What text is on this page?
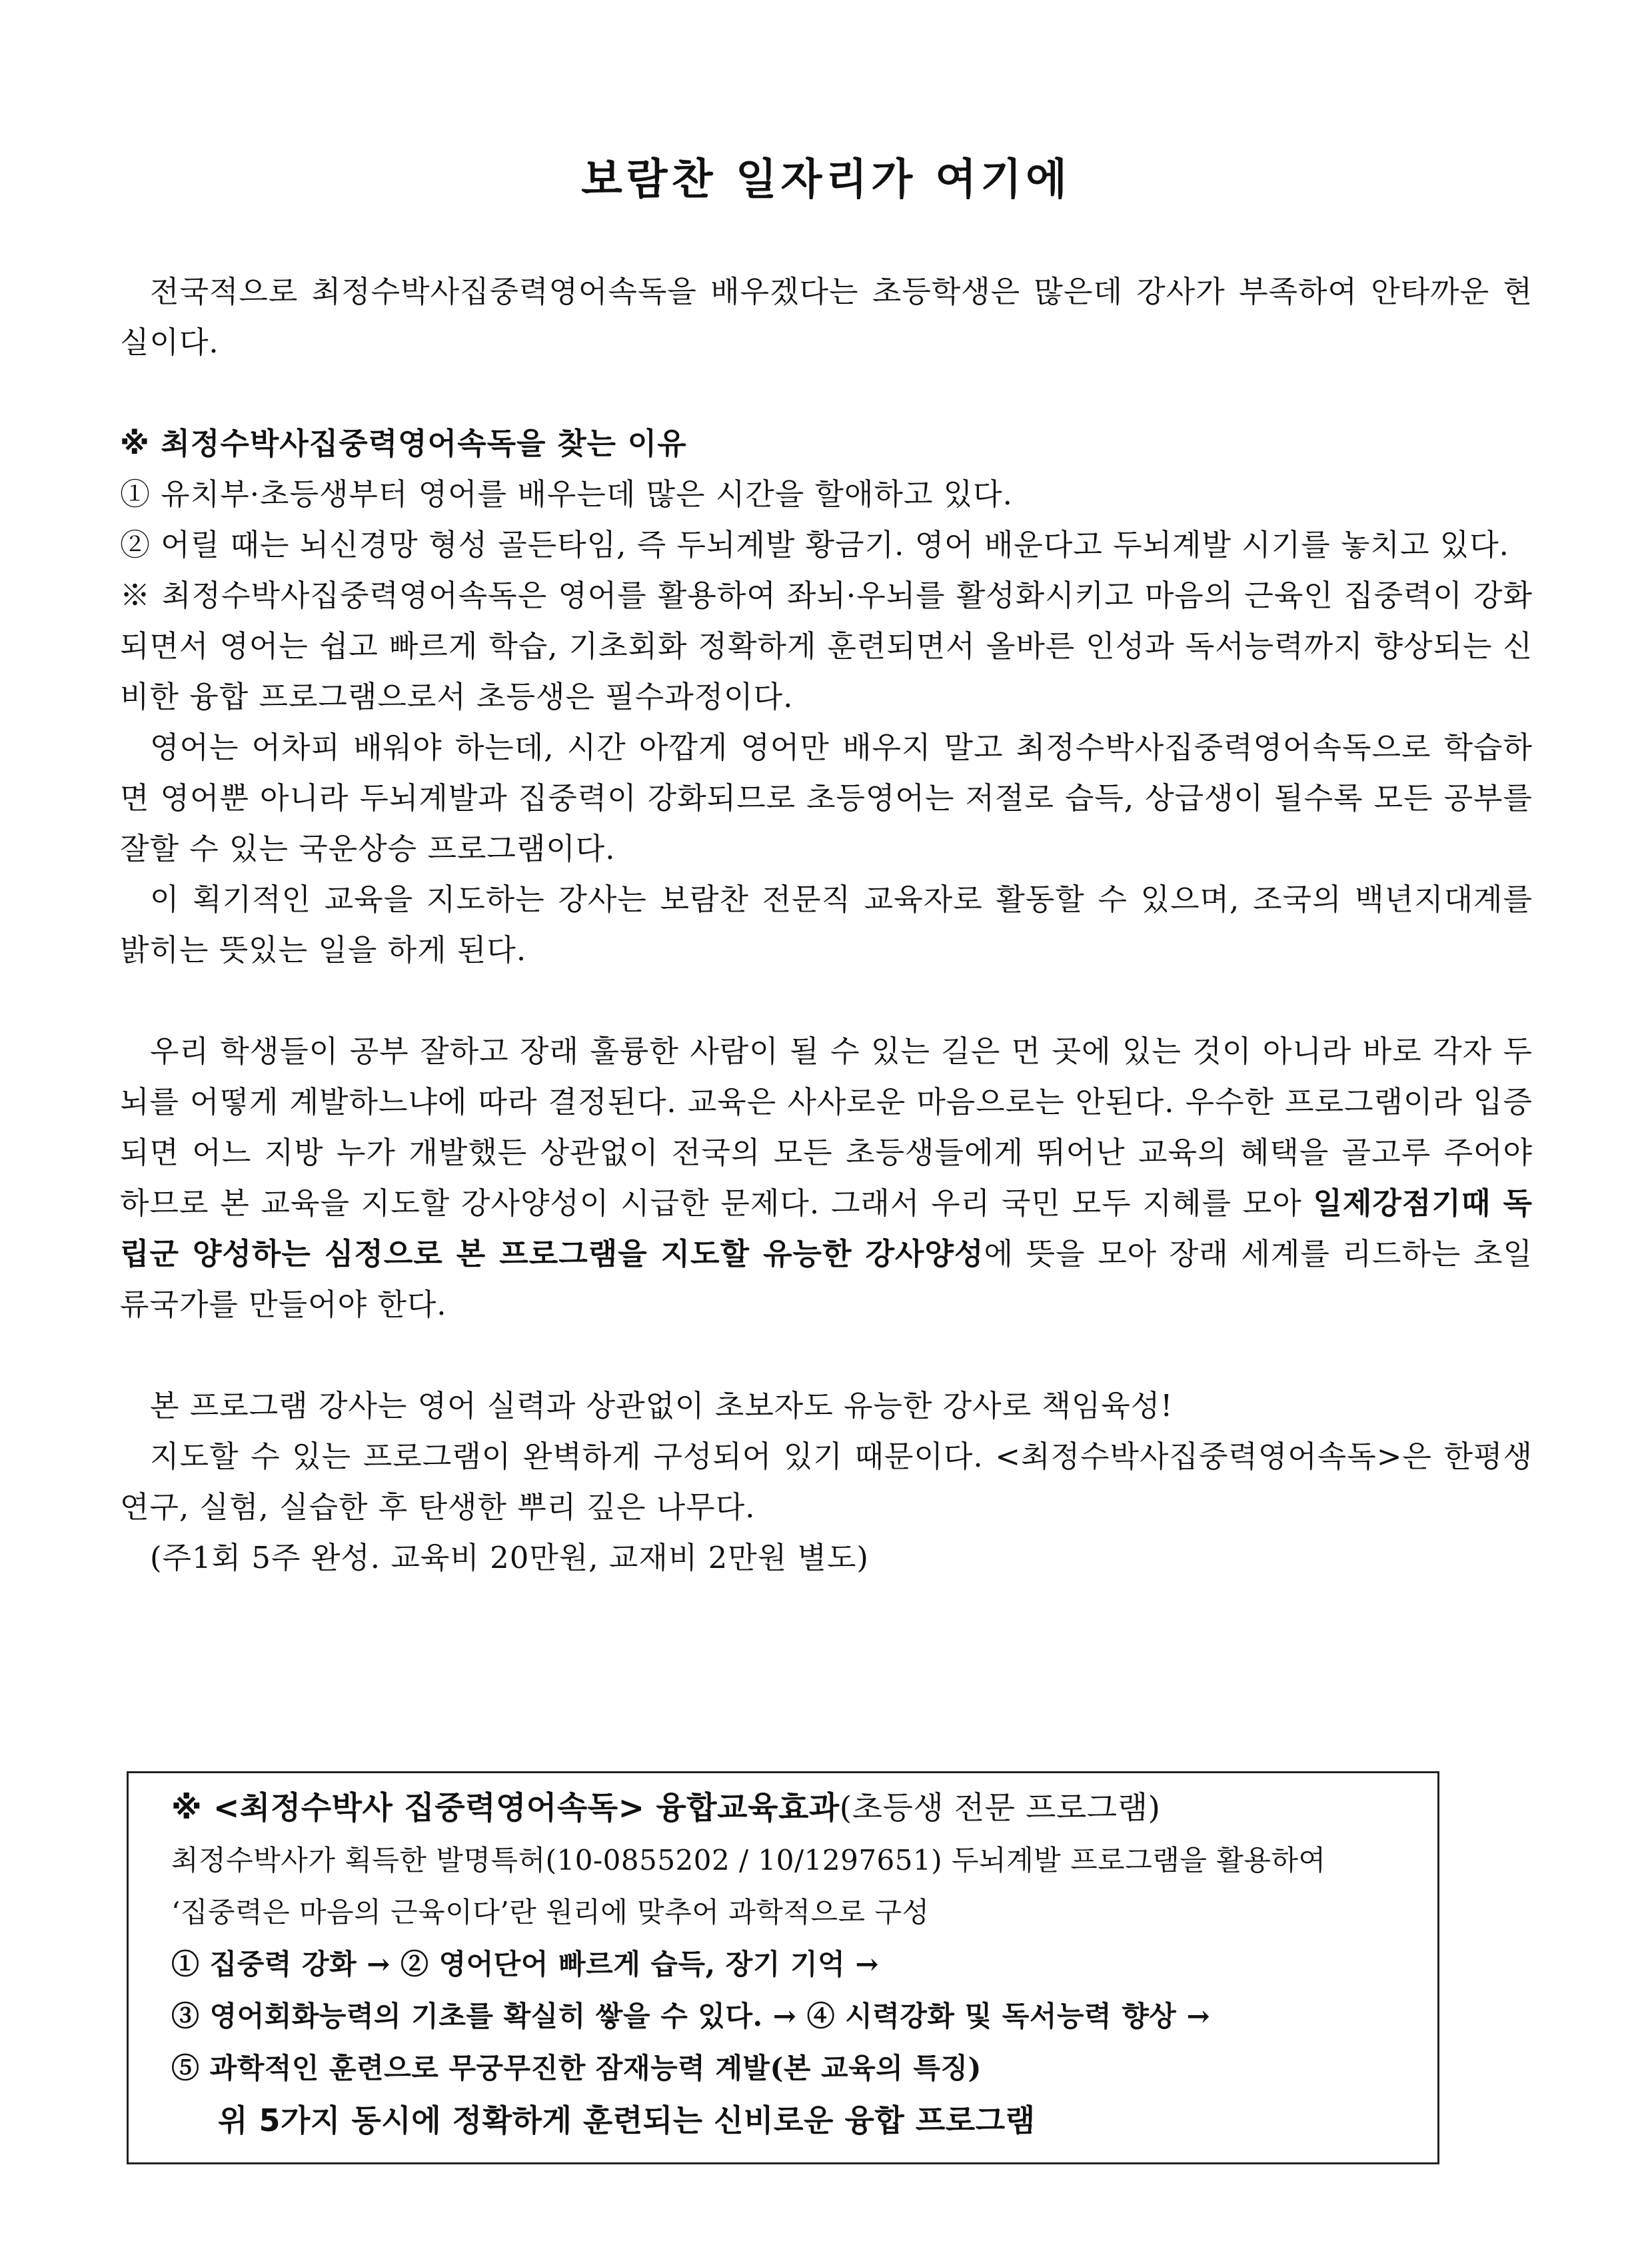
보람찬 일자리가 여기에

전국적으로 최정수박사집중력영어속독을 배우겠다는 초등학생은 많은데 강사가 부족하여 안타까운 현실이다.

※ 최정수박사집중력영어속독을 찾는 이유

① 유치부·초등생부터 영어를 배우는데 많은 시간을 할애하고 있다.

② 어릴 때는 뇌신경망 형성 골든타임, 즉 두뇌계발 황금기. 영어 배운다고 두뇌계발 시기를 놓치고 있다.

※ 최정수박사집중력영어속독은 영어를 활용하여 좌뇌·우뇌를 활성화시키고 마음의 근육인 집중력이 강화되면서 영어는 쉽고 빠르게 학습, 기초회화 정확하게 훈련되면서 올바른 인성과 독서능력까지 향상되는 신비한 융합 프로그램으로서 초등생은 필수과정이다.

영어는 어차피 배워야 하는데, 시간 아깝게 영어만 배우지 말고 최정수박사집중력영어속독으로 학습하면 영어뿐 아니라 두뇌계발과 집중력이 강화되므로 초등영어는 저절로 습득, 상급생이 될수록 모든 공부를 잘할 수 있는 국운상승 프로그램이다.

이 획기적인 교육을 지도하는 강사는 보람찬 전문직 교육자로 활동할 수 있으며, 조국의 백년지대계를 밝히는 뜻있는 일을 하게 된다.

우리 학생들이 공부 잘하고 장래 훌륭한 사람이 될 수 있는 길은 먼 곳에 있는 것이 아니라 바로 각자 두뇌를 어떻게 계발하느냐에 따라 결정된다. 교육은 사사로운 마음으로는 안된다. 우수한 프로그램이라 입증되면 어느 지방 누가 개발했든 상관없이 전국의 모든 초등생들에게 뛰어난 교육의 혜택을 골고루 주어야 하므로 본 교육을 지도할 강사양성이 시급한 문제다. 그래서 우리 국민 모두 지혜를 모아 일제강점기때 독립군 양성하는 심정으로 본 프로그램을 지도할 유능한 강사양성에 뜻을 모아 장래 세계를 리드하는 초일류국가를 만들어야 한다.

본 프로그램 강사는 영어 실력과 상관없이 초보자도 유능한 강사로 책임육성!

지도할 수 있는 프로그램이 완벽하게 구성되어 있기 때문이다. <최정수박사집중력영어속독>은 한평생 연구, 실험, 실습한 후 탄생한 뿌리 깊은 나무다.

(주1회 5주 완성. 교육비 20만원, 교재비 2만원 별도)

※ <최정수박사 집중력영어속독> 융합교육효과(초등생 전문 프로그램)

최정수박사가 획득한 발명특허(10-0855202 / 10/1297651) 두뇌계발 프로그램을 활용하여

‘집중력은 마음의 근육이다’란 원리에 맞추어 과학적으로 구성

① 집중력 강화 → ② 영어단어 빠르게 습득, 장기 기억 →

③ 영어회화능력의 기초를 확실히 쌓을 수 있다. → ④ 시력강화 및 독서능력 향상 →

⑤ 과학적인 훈련으로 무궁무진한 잠재능력 계발(본 교육의 특징)

위 5가지 동시에 정확하게 훈련되는 신비로운 융합 프로그램
